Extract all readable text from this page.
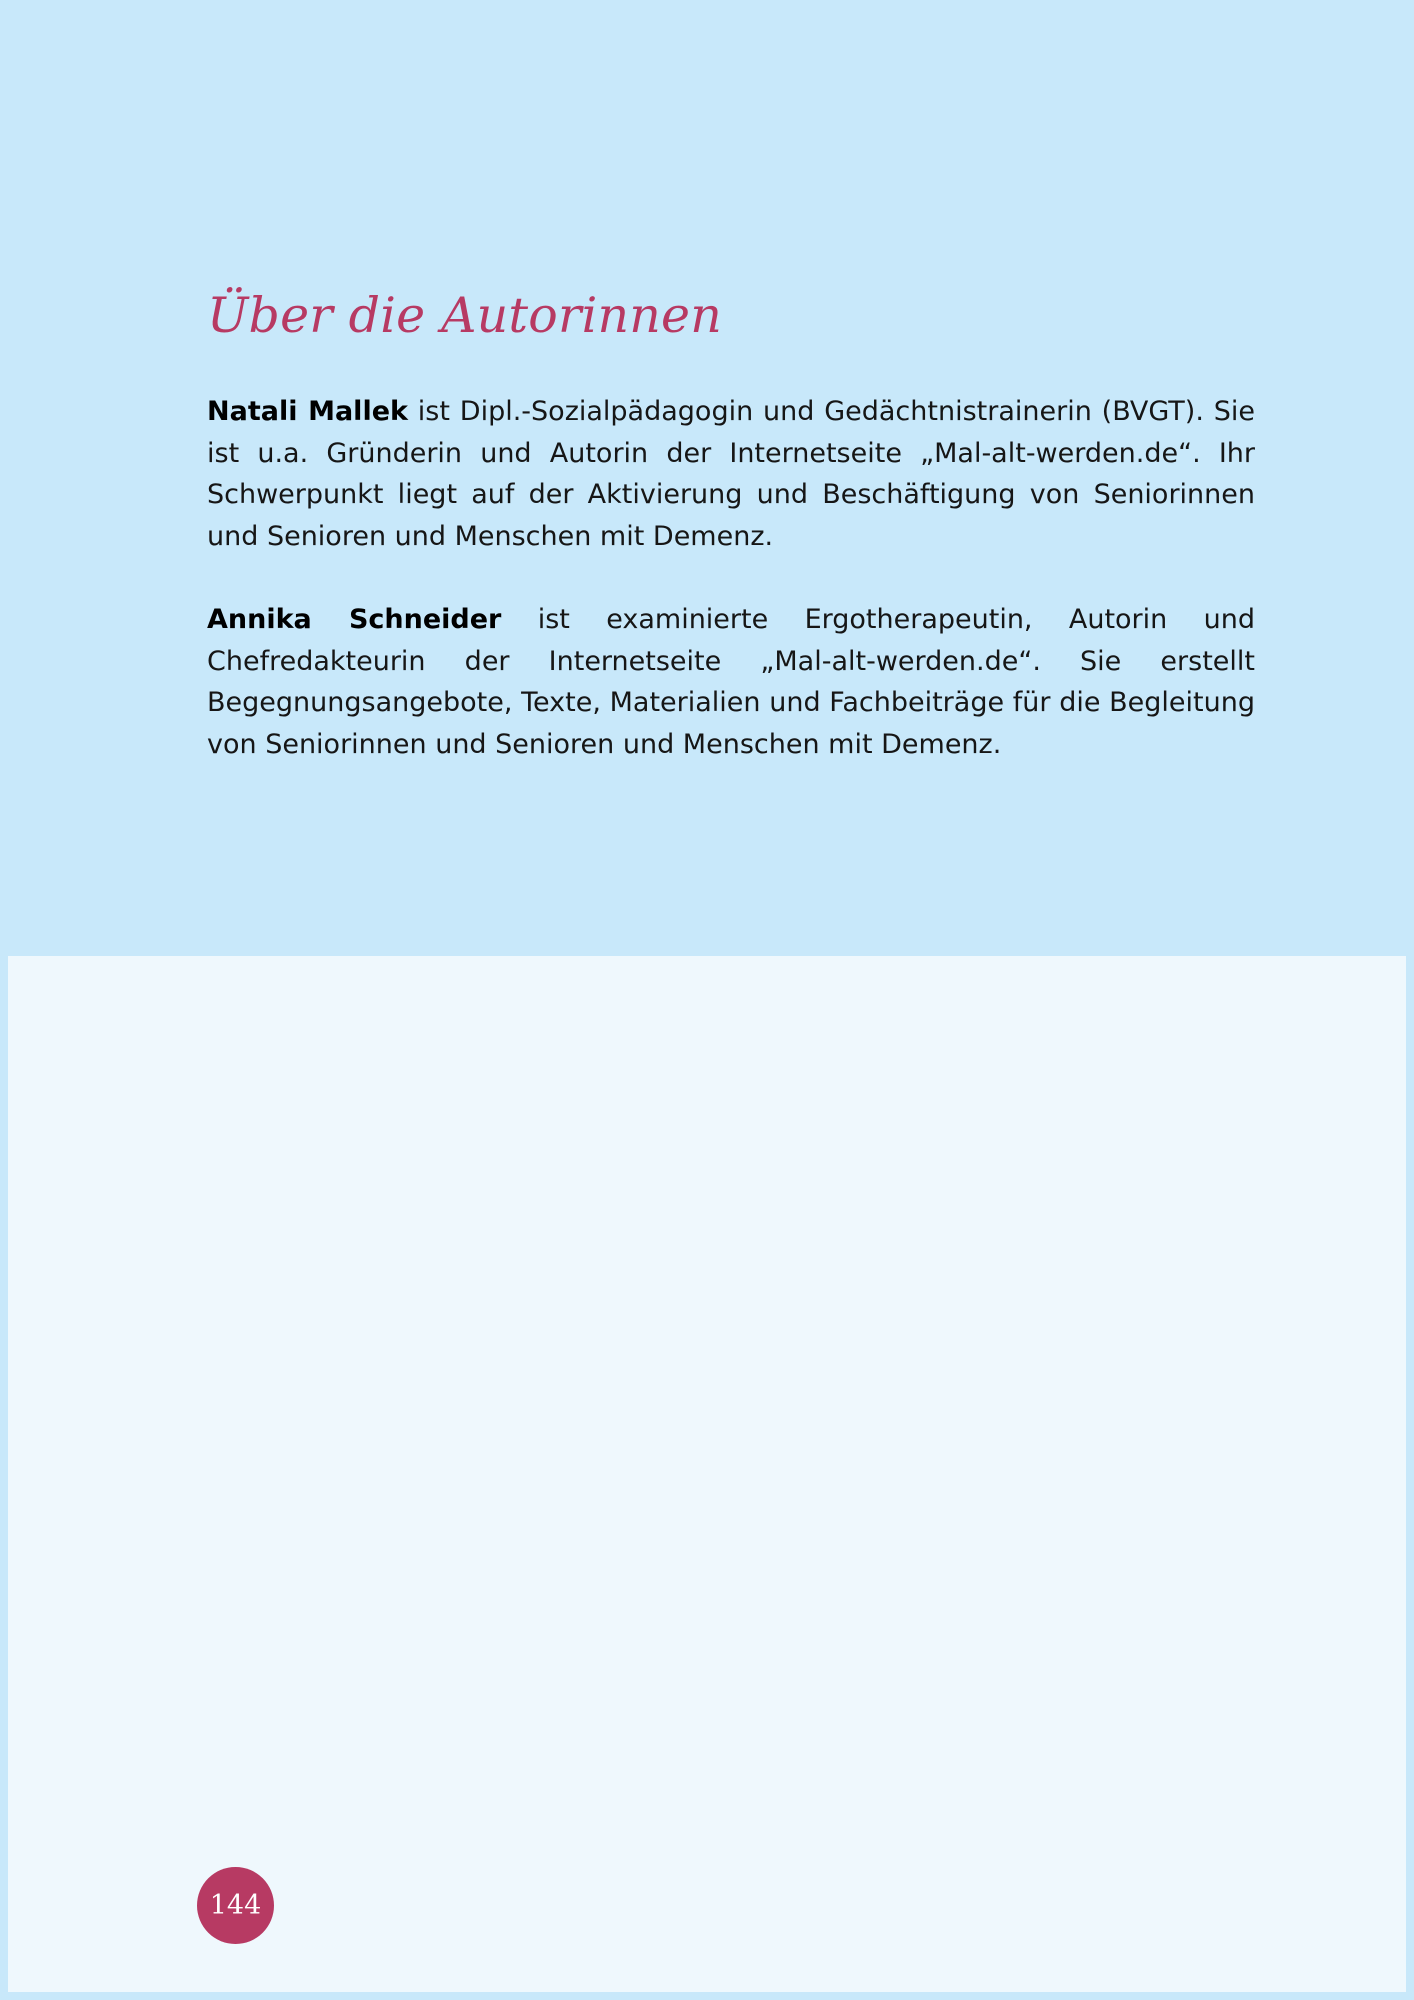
Über die Autorinnen

Natali Mallek ist Dipl.-Sozialpädagogin und Gedächtnistrainerin (BVGT). Sie ist u.a. Gründerin und Autorin der Internetseite „Mal-alt-werden.de“. Ihr Schwerpunkt liegt auf der Aktivierung und Beschäftigung von Seniorinnen und Senioren und Menschen mit Demenz.

Annika Schneider ist examinierte Ergotherapeutin, Autorin und Chefredakteurin der Internetseite „Mal-alt-werden.de“. Sie erstellt Begegnungsangebote, Texte, Materialien und Fachbeiträge für die Begleitung von Seniorinnen und Senioren und Menschen mit Demenz.

144
